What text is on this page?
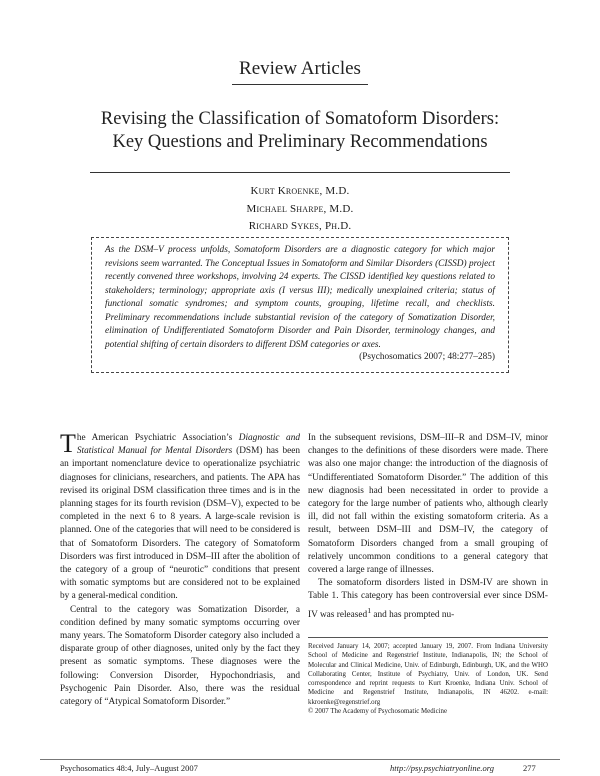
Review Articles
Revising the Classification of Somatoform Disorders:
Key Questions and Preliminary Recommendations
Kurt Kroenke, M.D.
Michael Sharpe, M.D.
Richard Sykes, Ph.D.
As the DSM–V process unfolds, Somatoform Disorders are a diagnostic category for which major revisions seem warranted. The Conceptual Issues in Somatoform and Similar Disorders (CISSD) project recently convened three workshops, involving 24 experts. The CISSD identified key questions related to stakeholders; terminology; appropriate axis (I versus III); medically unexplained criteria; status of functional somatic syndromes; and symptom counts, grouping, lifetime recall, and checklists. Preliminary recommendations include substantial revision of the category of Somatization Disorder, elimination of Undifferentiated Somatoform Disorder and Pain Disorder, terminology changes, and potential shifting of certain disorders to different DSM categories or axes.
(Psychosomatics 2007; 48:277–285)

The American Psychiatric Association’s Diagnostic and Statistical Manual for Mental Disorders (DSM) has been an important nomenclature device to operationalize psychiatric diagnoses for clinicians, researchers, and patients. The APA has revised its original DSM classification three times and is in the planning stages for its fourth revision (DSM–V), expected to be completed in the next 6 to 8 years. A large-scale revision is planned. One of the categories that will need to be considered is that of Somatoform Disorders. The category of Somatoform Disorders was first introduced in DSM–III after the abolition of the category of a group of “neurotic” conditions that present with somatic symptoms but are considered not to be explained by a general-medical condition.

Central to the category was Somatization Disorder, a condition defined by many somatic symptoms occurring over many years. The Somatoform Disorder category also included a disparate group of other diagnoses, united only by the fact they present as somatic symptoms. These diagnoses were the following: Conversion Disorder, Hypochondriasis, and Psychogenic Pain Disorder. Also, there was the residual category of “Atypical Somatoform Disorder.”

In the subsequent revisions, DSM–III–R and DSM–IV, minor changes to the definitions of these disorders were made. There was also one major change: the introduction of the diagnosis of “Undifferentiated Somatoform Disorder.” The addition of this new diagnosis had been necessitated in order to provide a category for the large number of patients who, although clearly ill, did not fall within the existing somatoform criteria. As a result, between DSM–III and DSM–IV, the category of Somatoform Disorders changed from a small grouping of relatively uncommon conditions to a general category that covered a large range of illnesses.

The somatoform disorders listed in DSM-IV are shown in Table 1. This category has been controversial ever since DSM-IV was released$^1$ and has prompted nu-

Received January 14, 2007; accepted January 19, 2007. From Indiana University School of Medicine and Regenstrief Institute, Indianapolis, IN; the School of Molecular and Clinical Medicine, Univ. of Edinburgh, Edinburgh, UK, and the WHO Collaborating Center, Institute of Psychiatry, Univ. of London, UK. Send correspondence and reprint requests to Kurt Kroenke, Indiana Univ. School of Medicine and Regenstrief Institute, Indianapolis, IN 46202. e-mail: kkroenke@regenstrief.org
© 2007 The Academy of Psychosomatic Medicine
Psychosomatics 48:4, July–August 2007	http://psy.psychiatryonline.org	277
